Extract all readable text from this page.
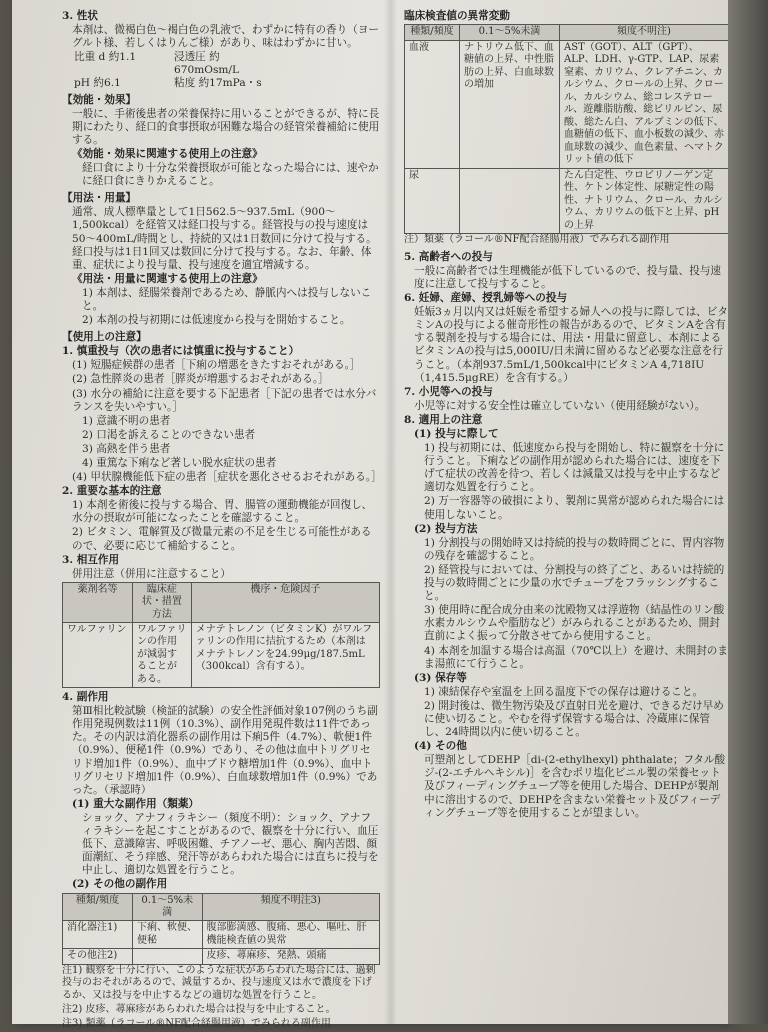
3. 性状
本剤は、微褐白色～褐白色の乳液で、わずかに特有の香り（ヨーグルト様、若しくはりんご様）があり、味はわずかに甘い。
比重 d 約1.1	浸透圧 約670mOsm/L
pH 約6.1	粘度 約17mPa・s
【効能・効果】
一般に、手術後患者の栄養保持に用いることができるが、特に長期にわたり、経口的食事摂取が困難な場合の経管栄養補給に使用する。
《効能・効果に関連する使用上の注意》
経口食により十分な栄養摂取が可能となった場合には、速やかに経口食にきりかえること。
【用法・用量】
通常、成人標準量として1日562.5～937.5mL（900～1,500kcal）を経管又は経口投与する。経管投与の投与速度は50～400mL/時間とし、持続的又は1日数回に分けて投与する。経口投与は1日1回又は数回に分けて投与する。なお、年齢、体重、症状により投与量、投与速度を適宜増減する。
《用法・用量に関連する使用上の注意》
1) 本剤は、経腸栄養剤であるため、静脈内へは投与しないこと。
2) 本剤の投与初期には低速度から投与を開始すること。
【使用上の注意】
1. 慎重投与（次の患者には慎重に投与すること）
(1) 短腸症候群の患者［下痢の増悪をきたすおそれがある。］
(2) 急性膵炎の患者［膵炎が増悪するおそれがある。］
(3) 水分の補給に注意を要する下記患者［下記の患者では水分バランスを失いやすい。］
1) 意識不明の患者
2) 口渇を訴えることのできない患者
3) 高熱を伴う患者
4) 重篤な下痢など著しい脱水症状の患者
(4) 甲状腺機能低下症の患者［症状を悪化させるおそれがある。］
2. 重要な基本的注意
1) 本剤を術後に投与する場合、胃、腸管の運動機能が回復し、水分の摂取が可能になったことを確認すること。
2) ビタミン、電解質及び微量元素の不足を生じる可能性があるので、必要に応じて補給すること。
3. 相互作用
併用注意（併用に注意すること）
薬剤名等	臨床症状・措置方法	機序・危険因子
ワルファリン	ワルファリンの作用が減弱することがある。	メナテトレノン（ビタミンK）がワルファリンの作用に拮抗するため（本剤はメナテトレノンを24.99μg/187.5mL（300kcal）含有する）。
4. 副作用
第Ⅲ相比較試験（検証的試験）の安全性評価対象107例のうち副作用発現例数は11例（10.3%）、副作用発現件数は11件であった。その内訳は消化器系の副作用は下痢5件（4.7%）、軟便1件（0.9%）、便秘1件（0.9%）であり、その他は血中トリグリセリド増加1件（0.9%）、血中ブドウ糖増加1件（0.9%）、血中トリグリセリド増加1件（0.9%）、白血球数増加1件（0.9%）であった。（承認時）
(1) 重大な副作用（類薬）
ショック、アナフィラキシー（頻度不明）：ショック、アナフィラキシーを起こすことがあるので、観察を十分に行い、血圧低下、意識障害、呼吸困難、チアノーゼ、悪心、胸内苦悶、顔面潮紅、そう痒感、発汗等があらわれた場合には直ちに投与を中止し、適切な処置を行うこと。
(2) その他の副作用
種類/頻度	0.1～5%未満	頻度不明注3)
消化器注1)	下痢、軟便、便秘	腹部膨満感、腹痛、悪心、嘔吐、肝機能検査値の異常
その他注2)		皮疹、蕁麻疹、発熱、頭痛
注1) 観察を十分に行い、このような症状があらわれた場合には、過剰投与のおそれがあるので、減量するか、投与速度又は水で濃度を下げるか、又は投与を中止するなどの適切な処置を行うこと。
注2) 皮疹、蕁麻疹があらわれた場合は投与を中止すること。
注3) 類薬（ラコール®NF配合経腸用液）でみられる副作用
臨床検査値の異常変動
種類/頻度	0.1～5%未満	頻度不明注)
血液	ナトリウム低下、血糖値の上昇、中性脂肪の上昇、白血球数の増加	AST（GOT）、ALT（GPT）、ALP、LDH、γ-GTP、LAP、尿素窒素、カリウム、クレアチニン、カルシウム、クロールの上昇、クロール、カルシウム、総コレステロール、遊離脂肪酸、総ビリルビン、尿酸、総たん白、アルブミンの低下、血糖値の低下、血小板数の減少、赤血球数の減少、血色素量、ヘマトクリット値の低下
尿		たん白定性、ウロビリノーゲン定性、ケトン体定性、尿糖定性の陽性、ナトリウム、クロール、カルシウム、カリウムの低下と上昇、pHの上昇
注）類薬（ラコール®NF配合経腸用液）でみられる副作用
5. 高齢者への投与
一般に高齢者では生理機能が低下しているので、投与量、投与速度に注意して投与すること。
6. 妊婦、産婦、授乳婦等への投与
妊娠3ヵ月以内又は妊娠を希望する婦人への投与に際しては、ビタミンAの投与による催奇形性の報告があるので、ビタミンAを含有する製剤を投与する場合には、用法・用量に留意し、本剤によるビタミンAの投与は5,000IU/日未満に留めるなど必要な注意を行うこと。（本剤937.5mL/1,500kcal中にビタミンA 4,718IU（1,415.5μgRE）を含有する。）
7. 小児等への投与
小児等に対する安全性は確立していない（使用経験がない）。
8. 適用上の注意
(1) 投与に際して
1) 投与初期には、低速度から投与を開始し、特に観察を十分に行うこと。下痢などの副作用が認められた場合には、速度を下げて症状の改善を待つ、若しくは減量又は投与を中止するなど適切な処置を行うこと。
2) 万一容器等の破損により、製剤に異常が認められた場合には使用しないこと。
(2) 投与方法
1) 分割投与の開始時又は持続的投与の数時間ごとに、胃内容物の残存を確認すること。
2) 経管投与においては、分割投与の終了ごと、あるいは持続的投与の数時間ごとに少量の水でチューブをフラッシングすること。
3) 使用時に配合成分由来の沈殿物又は浮遊物（結晶性のリン酸水素カルシウムや脂肪など）がみられることがあるため、開封直前によく振って分散させてから使用すること。
4) 本剤を加温する場合は高温（70℃以上）を避け、未開封のまま湯煎にて行うこと。
(3) 保存等
1) 凍結保存や室温を上回る温度下での保存は避けること。
2) 開封後は、微生物汚染及び直射日光を避け、できるだけ早めに使い切ること。やむを得ず保管する場合は、冷蔵庫に保管し、24時間以内に使い切ること。
(4) その他
可塑剤としてDEHP［di-(2-ethylhexyl) phthalate；フタル酸ジ-(2-エチルヘキシル)］を含むポリ塩化ビニル製の栄養セット及びフィーディングチューブ等を使用した場合、DEHPが製剤中に溶出するので、DEHPを含まない栄養セット及びフィーディングチューブ等を使用することが望ましい。
